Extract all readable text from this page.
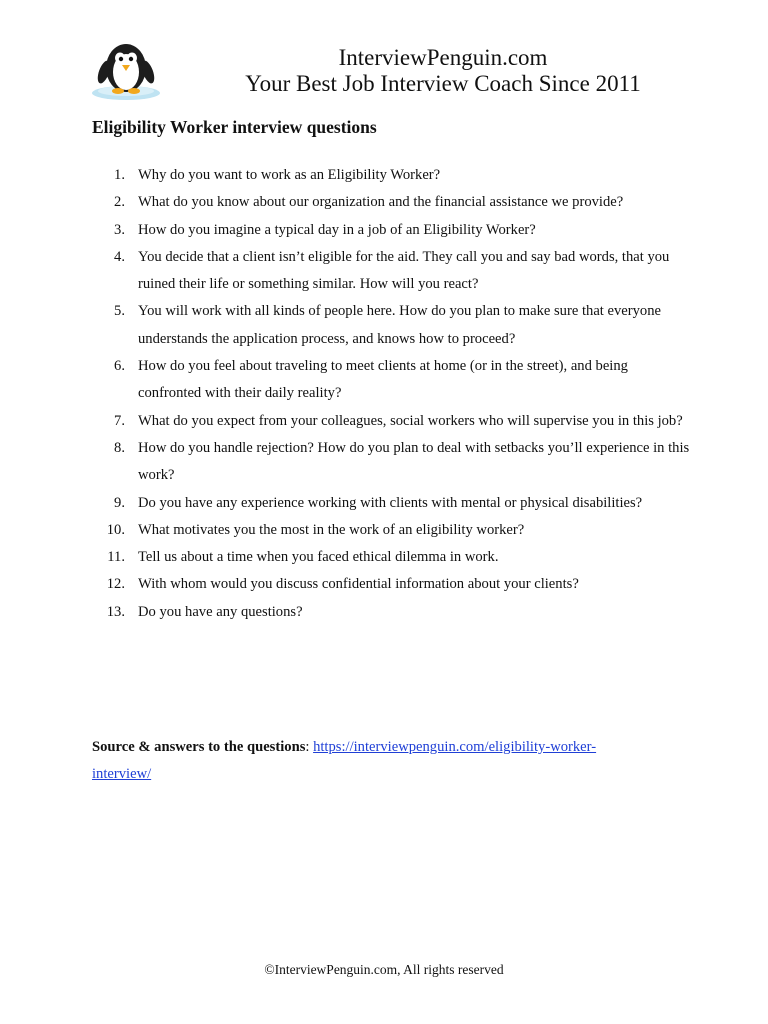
InterviewPenguin.com
Your Best Job Interview Coach Since 2011
Eligibility Worker interview questions
1. Why do you want to work as an Eligibility Worker?
2. What do you know about our organization and the financial assistance we provide?
3. How do you imagine a typical day in a job of an Eligibility Worker?
4. You decide that a client isn’t eligible for the aid. They call you and say bad words, that you ruined their life or something similar. How will you react?
5. You will work with all kinds of people here. How do you plan to make sure that everyone understands the application process, and knows how to proceed?
6. How do you feel about traveling to meet clients at home (or in the street), and being confronted with their daily reality?
7. What do you expect from your colleagues, social workers who will supervise you in this job?
8. How do you handle rejection? How do you plan to deal with setbacks you’ll experience in this work?
9. Do you have any experience working with clients with mental or physical disabilities?
10. What motivates you the most in the work of an eligibility worker?
11. Tell us about a time when you faced ethical dilemma in work.
12. With whom would you discuss confidential information about your clients?
13. Do you have any questions?
Source & answers to the questions: https://interviewpenguin.com/eligibility-worker-
interview/
©InterviewPenguin.com, All rights reserved
